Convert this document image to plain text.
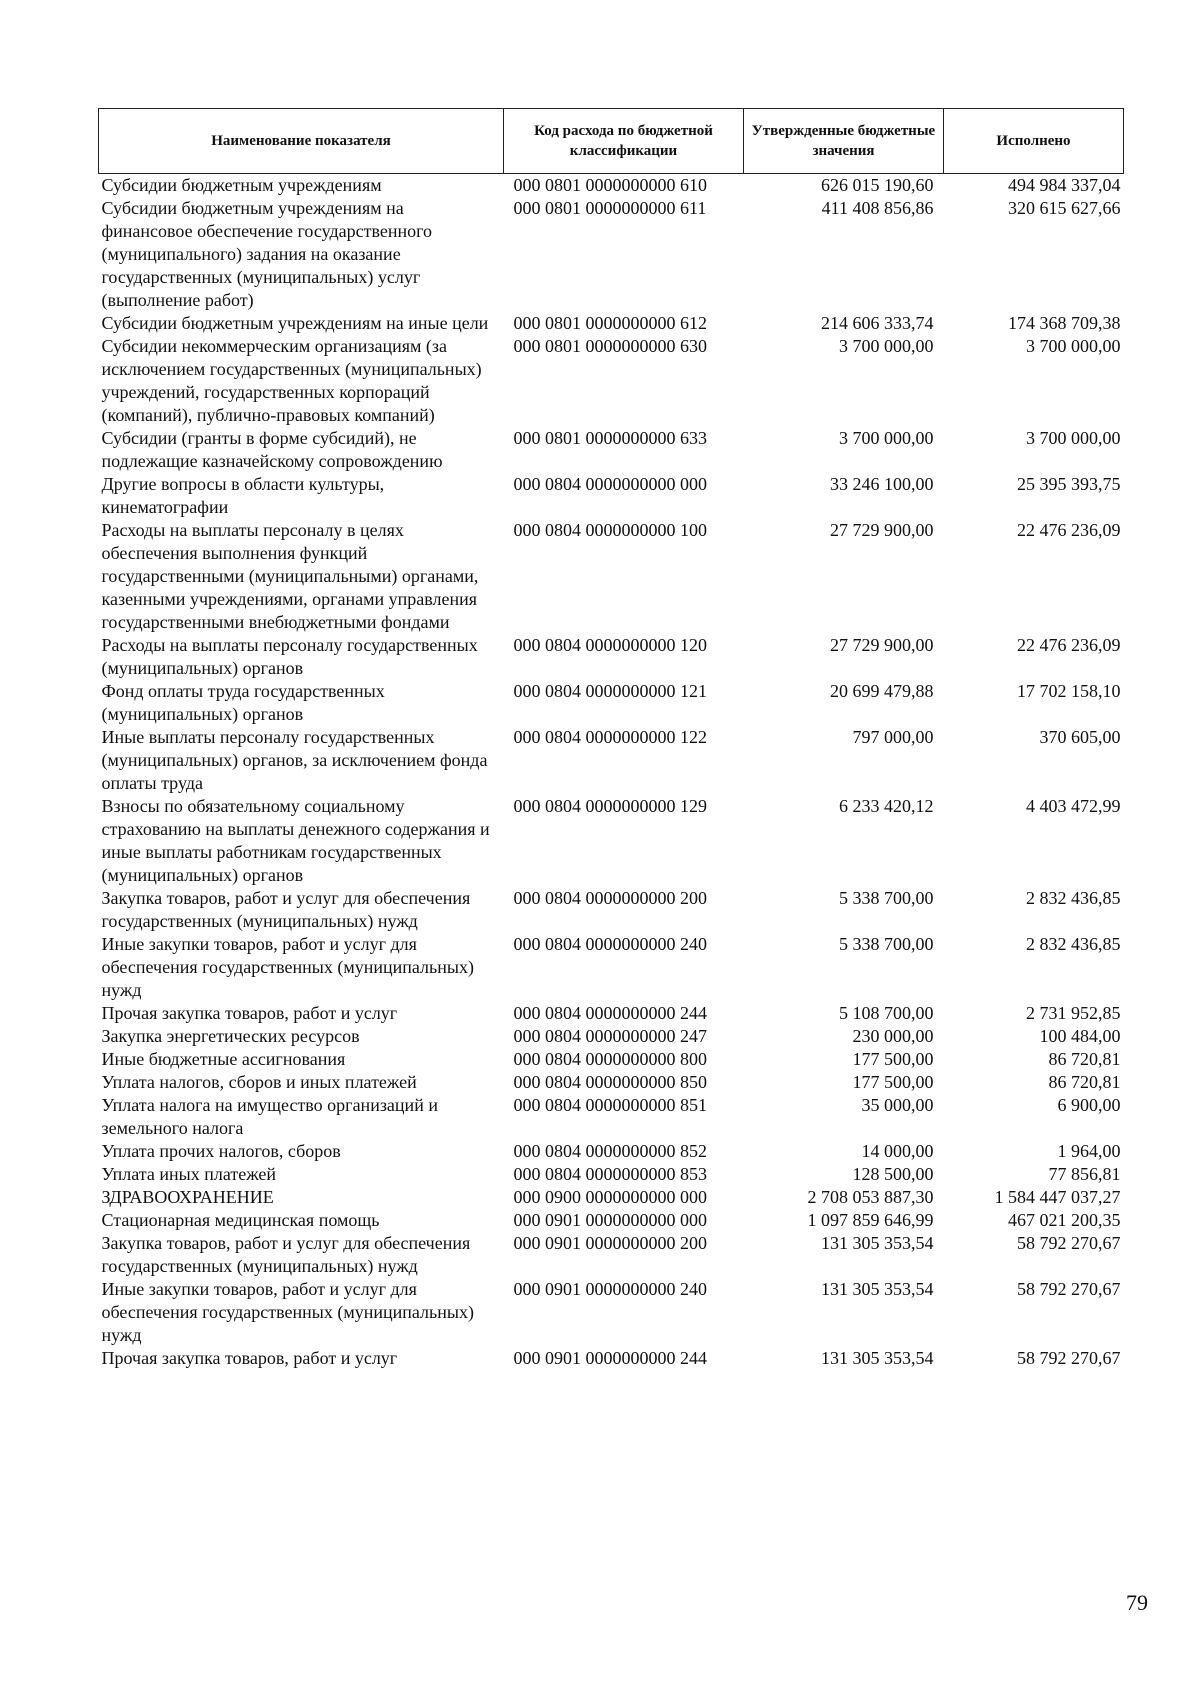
Наименование показателя	Код расхода по бюджетной классификации	Утвержденные бюджетные значения	Исполнено
Субсидии бюджетным учреждениям	000 0801 0000000000 610	626 015 190,60	494 984 337,04
Субсидии бюджетным учреждениям на финансовое обеспечение государственного (муниципального) задания на оказание государственных (муниципальных) услуг (выполнение работ)	000 0801 0000000000 611	411 408 856,86	320 615 627,66
Субсидии бюджетным учреждениям на иные цели	000 0801 0000000000 612	214 606 333,74	174 368 709,38
Субсидии некоммерческим организациям (за исключением государственных (муниципальных) учреждений, государственных корпораций (компаний), публично-правовых компаний)	000 0801 0000000000 630	3 700 000,00	3 700 000,00
Субсидии (гранты в форме субсидий), не подлежащие казначейскому сопровождению	000 0801 0000000000 633	3 700 000,00	3 700 000,00
Другие вопросы в области культуры, кинематографии	000 0804 0000000000 000	33 246 100,00	25 395 393,75
Расходы на выплаты персоналу в целях обеспечения выполнения функций государственными (муниципальными) органами, казенными учреждениями, органами управления государственными внебюджетными фондами	000 0804 0000000000 100	27 729 900,00	22 476 236,09
Расходы на выплаты персоналу государственных (муниципальных) органов	000 0804 0000000000 120	27 729 900,00	22 476 236,09
Фонд оплаты труда государственных (муниципальных) органов	000 0804 0000000000 121	20 699 479,88	17 702 158,10
Иные выплаты персоналу государственных (муниципальных) органов, за исключением фонда оплаты труда	000 0804 0000000000 122	797 000,00	370 605,00
Взносы по обязательному социальному страхованию на выплаты денежного содержания и иные выплаты работникам государственных (муниципальных) органов	000 0804 0000000000 129	6 233 420,12	4 403 472,99
Закупка товаров, работ и услуг для обеспечения государственных (муниципальных) нужд	000 0804 0000000000 200	5 338 700,00	2 832 436,85
Иные закупки товаров, работ и услуг для обеспечения государственных (муниципальных) нужд	000 0804 0000000000 240	5 338 700,00	2 832 436,85
Прочая закупка товаров, работ и услуг	000 0804 0000000000 244	5 108 700,00	2 731 952,85
Закупка энергетических ресурсов	000 0804 0000000000 247	230 000,00	100 484,00
Иные бюджетные ассигнования	000 0804 0000000000 800	177 500,00	86 720,81
Уплата налогов, сборов и иных платежей	000 0804 0000000000 850	177 500,00	86 720,81
Уплата налога на имущество организаций и земельного налога	000 0804 0000000000 851	35 000,00	6 900,00
Уплата прочих налогов, сборов	000 0804 0000000000 852	14 000,00	1 964,00
Уплата иных платежей	000 0804 0000000000 853	128 500,00	77 856,81
ЗДРАВООХРАНЕНИЕ	000 0900 0000000000 000	2 708 053 887,30	1 584 447 037,27
Стационарная медицинская помощь	000 0901 0000000000 000	1 097 859 646,99	467 021 200,35
Закупка товаров, работ и услуг для обеспечения государственных (муниципальных) нужд	000 0901 0000000000 200	131 305 353,54	58 792 270,67
Иные закупки товаров, работ и услуг для обеспечения государственных (муниципальных) нужд	000 0901 0000000000 240	131 305 353,54	58 792 270,67
Прочая закупка товаров, работ и услуг	000 0901 0000000000 244	131 305 353,54	58 792 270,67
79
